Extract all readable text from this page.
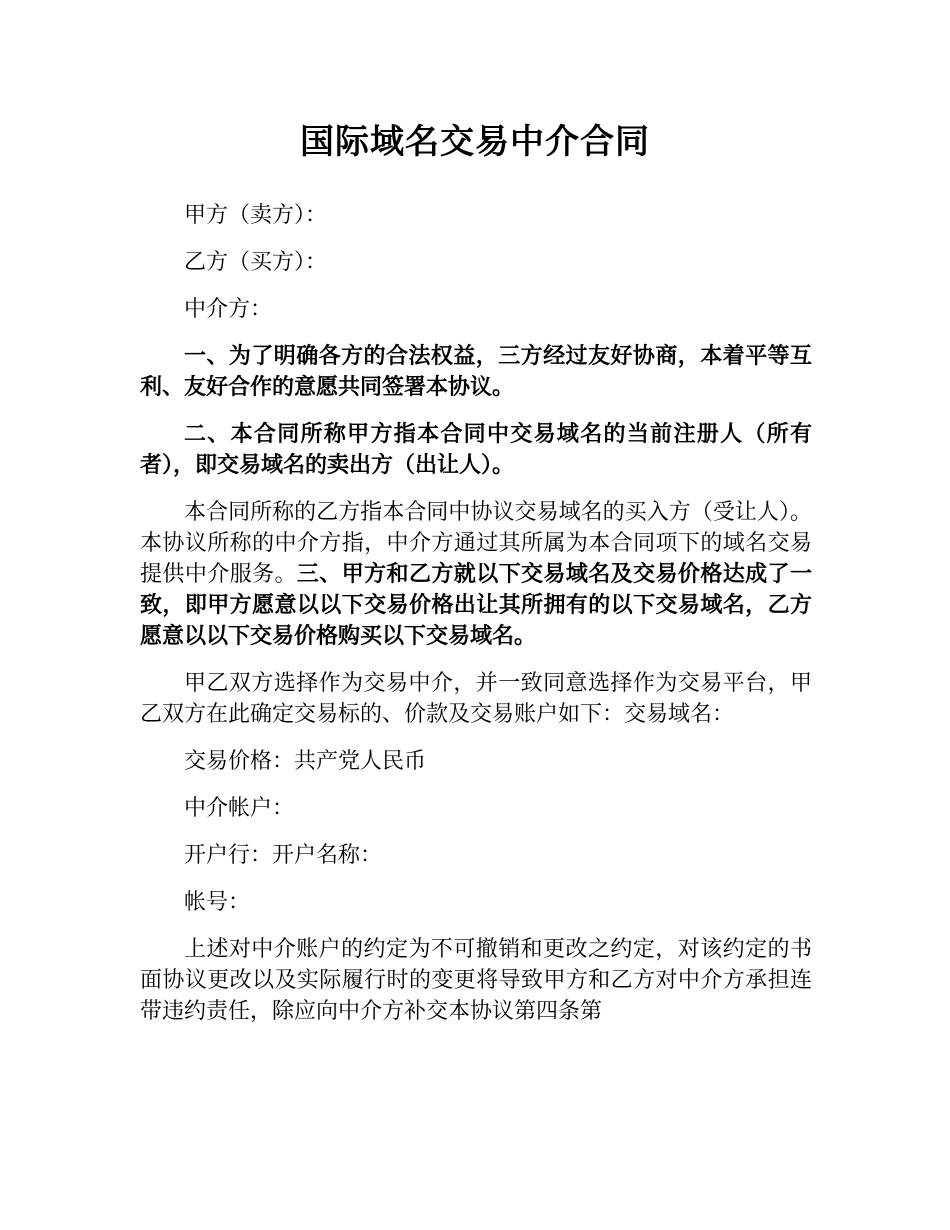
国际域名交易中介合同

甲方（卖方）：

乙方（买方）：

中介方：

一、为了明确各方的合法权益，三方经过友好协商，本着平等互利、友好合作的意愿共同签署本协议。

二、本合同所称甲方指本合同中交易域名的当前注册人（所有者），即交易域名的卖出方（出让人）。

本合同所称的乙方指本合同中协议交易域名的买入方（受让人）。本协议所称的中介方指，中介方通过其所属为本合同项下的域名交易提供中介服务。三、甲方和乙方就以下交易域名及交易价格达成了一致，即甲方愿意以以下交易价格出让其所拥有的以下交易域名，乙方愿意以以下交易价格购买以下交易域名。

甲乙双方选择作为交易中介，并一致同意选择作为交易平台，甲乙双方在此确定交易标的、价款及交易账户如下：交易域名：

交易价格：共产党人民币

中介帐户：

开户行：开户名称：

帐号：

上述对中介账户的约定为不可撤销和更改之约定，对该约定的书面协议更改以及实际履行时的变更将导致甲方和乙方对中介方承担连带违约责任，除应向中介方补交本协议第四条第
